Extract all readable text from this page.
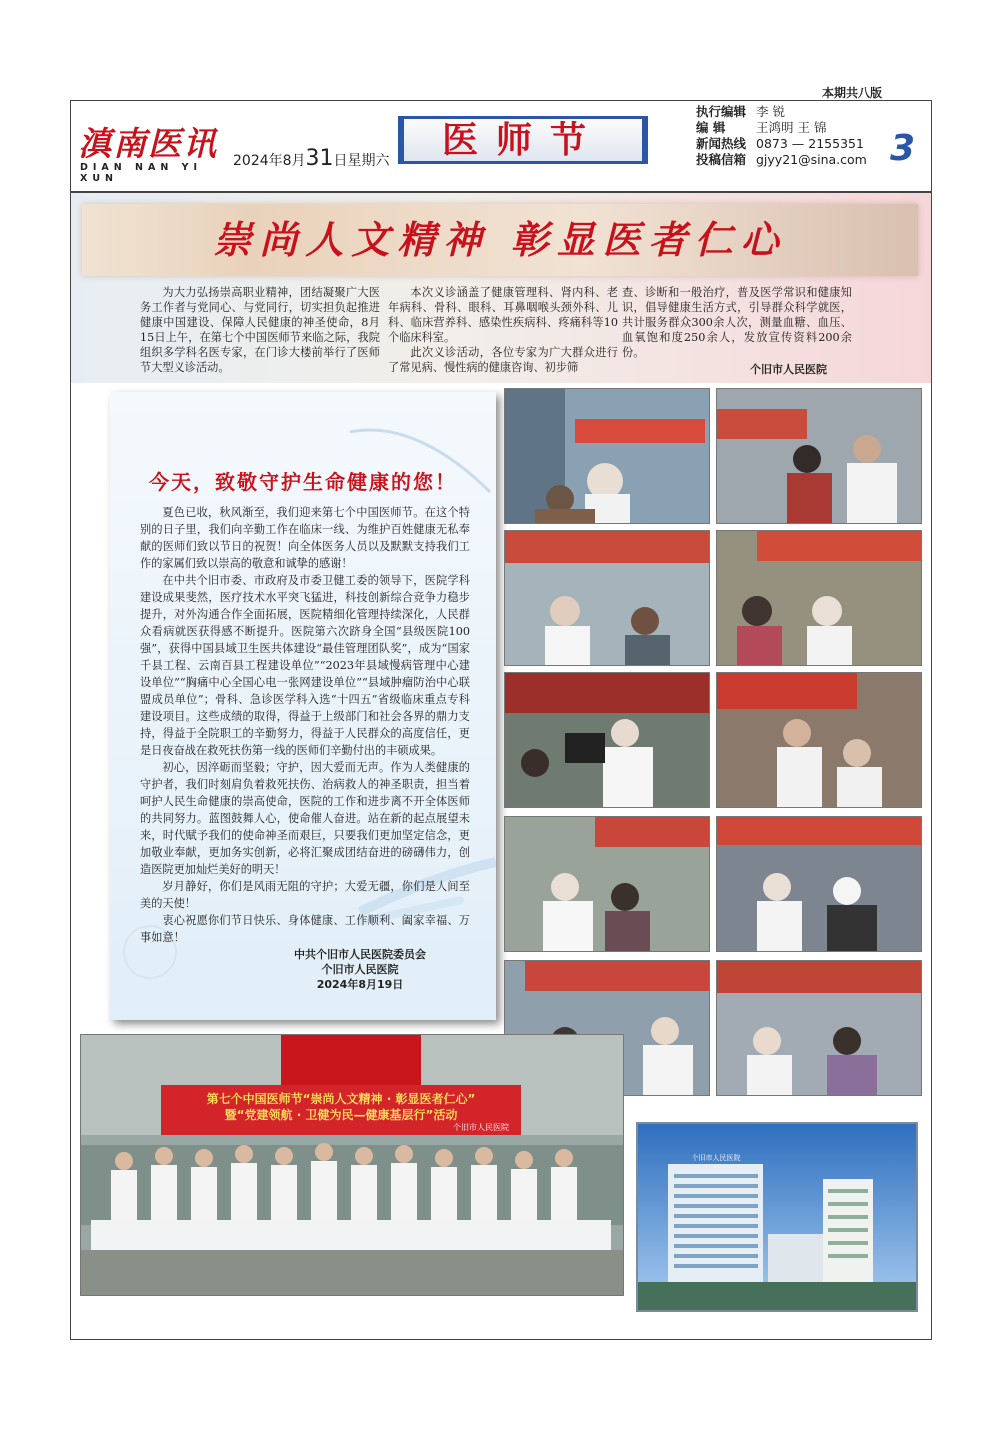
本期共八版
滇南医讯
DIAN NAN YI XUN
2024年8月31日星期六	医师节
执行编辑 李 锐
编 辑	王鸿明 王 锦
新闻热线 0873 — 2155351
投稿信箱 gjyy21@sina.com 3
崇尚人文精神 彰显医者仁心

为大力弘扬崇高职业精神，团结凝聚广大医务工作者与党同心、与党同行，切实担负起推进健康中国建设、保障人民健康的神圣使命，8月15日上午，在第七个中国医师节来临之际，我院组织多学科名医专家，在门诊大楼前举行了医师节大型义诊活动。

本次义诊涵盖了健康管理科、肾内科、老年病科、骨科、眼科、耳鼻咽喉头颈外科、儿科、临床营养科、感染性疾病科、疼痛科等10个临床科室。

此次义诊活动，各位专家为广大群众进行了常见病、慢性病的健康咨询、初步筛

查、诊断和一般治疗，普及医学常识和健康知识，倡导健康生活方式，引导群众科学就医，共计服务群众300余人次，测量血糖、血压、血氧饱和度250余人，发放宣传资料200余份。

个旧市人民医院
今天，致敬守护生命健康的您！

夏色已收，秋风渐至，我们迎来第七个中国医师节。在这个特别的日子里，我们向辛勤工作在临床一线、为维护百姓健康无私奉献的医师们致以节日的祝贺！向全体医务人员以及默默支持我们工作的家属们致以崇高的敬意和诚挚的感谢！

在中共个旧市委、市政府及市委卫健工委的领导下，医院学科建设成果斐然，医疗技术水平突飞猛进，科技创新综合竞争力稳步提升，对外沟通合作全面拓展，医院精细化管理持续深化，人民群众看病就医获得感不断提升。医院第六次跻身全国“县级医院100强”，获得中国县域卫生医共体建设“最佳管理团队奖”，成为“国家千县工程、云南百县工程建设单位”“2023年县域慢病管理中心建设单位”“胸痛中心全国心电一张网建设单位”“县域肿瘤防治中心联盟成员单位”；骨科、急诊医学科入选“十四五”省级临床重点专科建设项目。这些成绩的取得，得益于上级部门和社会各界的鼎力支持，得益于全院职工的辛勤努力，得益于人民群众的高度信任，更是日夜奋战在救死扶伤第一线的医师们辛勤付出的丰硕成果。

初心，因淬砺而坚毅；守护，因大爱而无声。作为人类健康的守护者，我们时刻肩负着救死扶伤、治病救人的神圣职责，担当着呵护人民生命健康的崇高使命，医院的工作和进步离不开全体医师的共同努力。蓝图鼓舞人心，使命催人奋进。站在新的起点展望未来，时代赋予我们的使命神圣而艰巨，只要我们更加坚定信念，更加敬业奉献，更加务实创新，必将汇聚成团结奋进的磅礴伟力，创造医院更加灿烂美好的明天！

岁月静好，你们是风雨无阻的守护；大爱无疆，你们是人间至美的天使！

衷心祝愿你们节日快乐、身体健康、工作顺利、阖家幸福、万事如意！

中共个旧市人民医院委员会
个旧市人民医院
2024年8月19日
第七个中国医师节“崇尚人文精神 · 彰显医者仁心”
暨“党建领航 · 卫健为民—健康基层行”活动
个旧市人民医院
个旧市人民医院
